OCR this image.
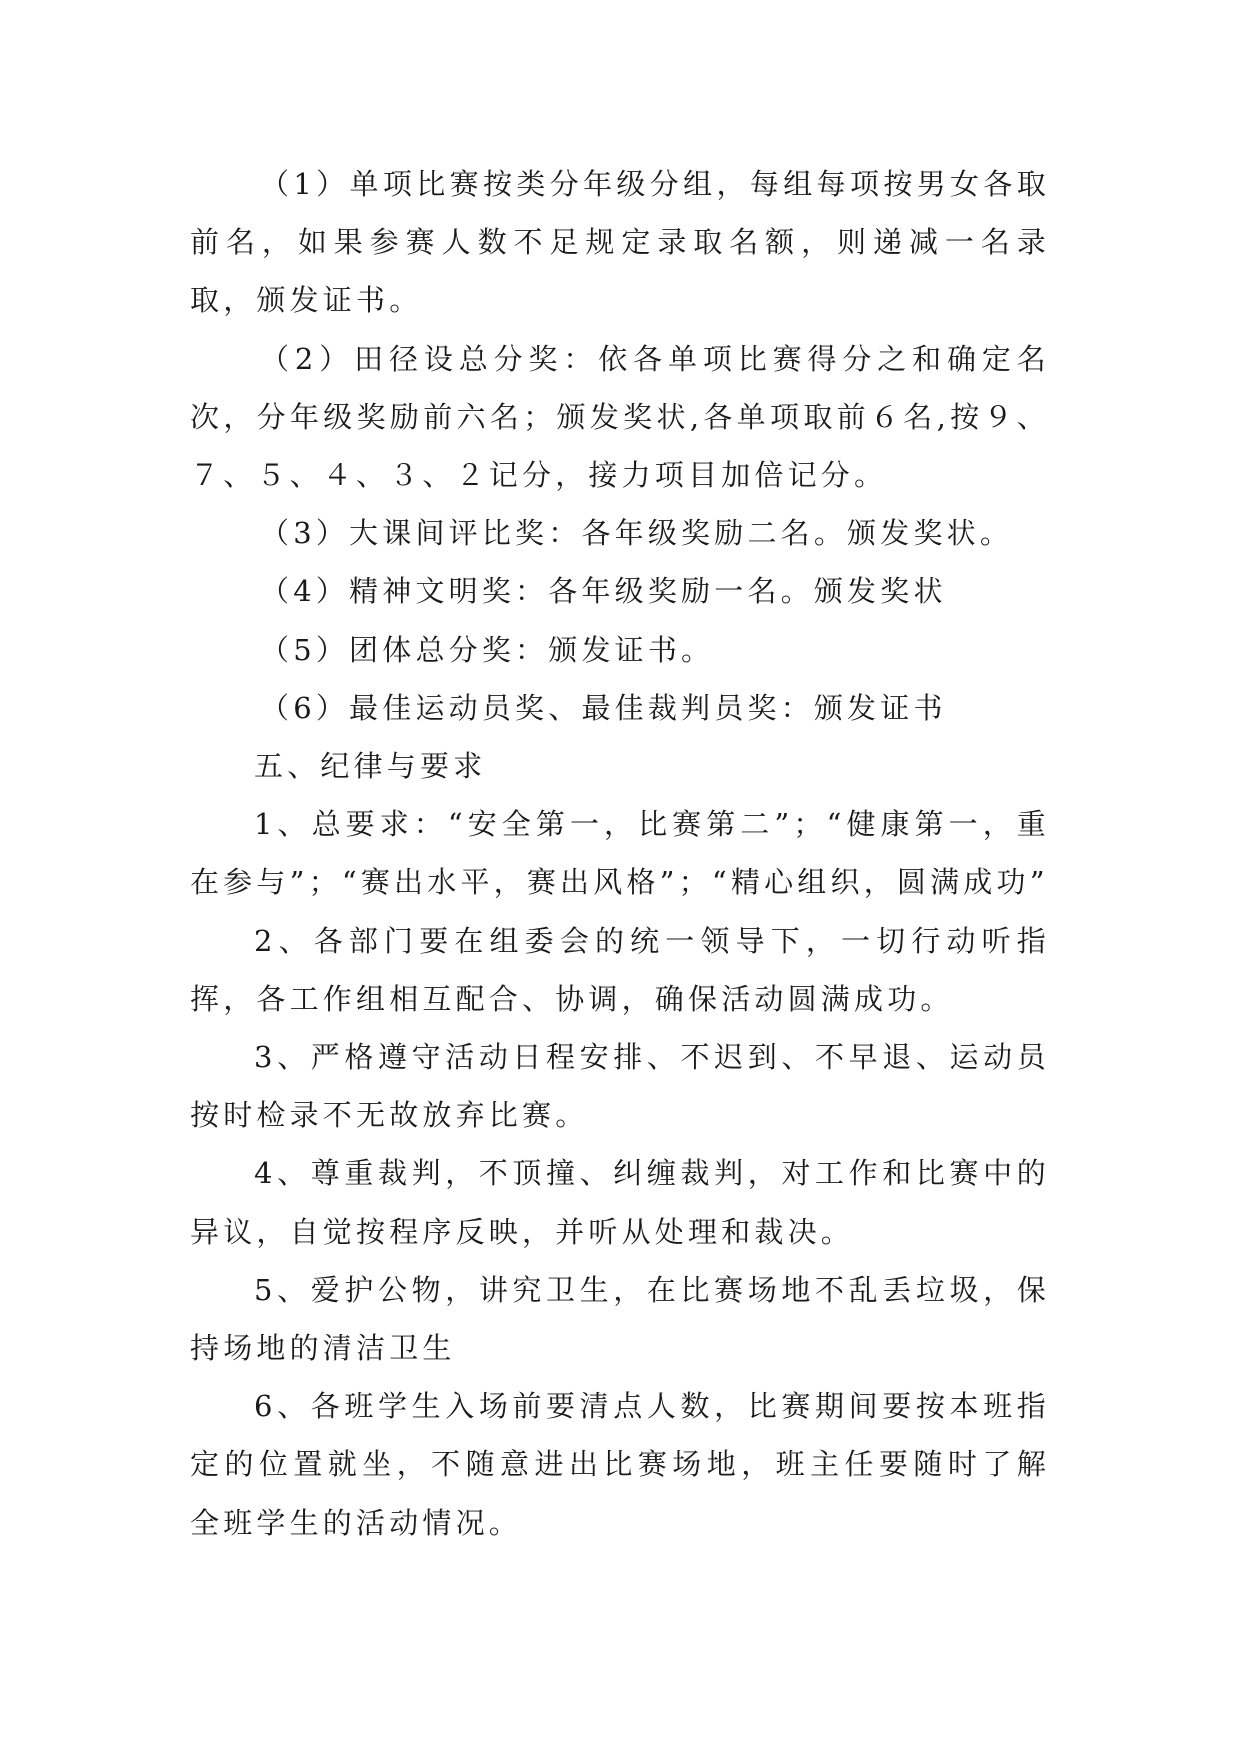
（1）单项比赛按类分年级分组，每组每项按男女各取前名，如果参赛人数不足规定录取名额，则递减一名录取，颁发证书。

（2）田径设总分奖：依各单项比赛得分之和确定名次，分年级奖励前六名；颁发奖状,各单项取前６名,按９、７、５、４、３、２记分，接力项目加倍记分。

（3）大课间评比奖：各年级奖励二名。颁发奖状。

（4）精神文明奖：各年级奖励一名。颁发奖状

（5）团体总分奖：颁发证书。

（6）最佳运动员奖、最佳裁判员奖：颁发证书

五、纪律与要求

1、总要求：“安全第一，比赛第二”；“健康第一，重在参与”；“赛出水平，赛出风格”；“精心组织，圆满成功”

2、各部门要在组委会的统一领导下，一切行动听指挥，各工作组相互配合、协调，确保活动圆满成功。

3、严格遵守活动日程安排、不迟到、不早退、运动员按时检录不无故放弃比赛。

4、尊重裁判，不顶撞、纠缠裁判，对工作和比赛中的异议，自觉按程序反映，并听从处理和裁决。

5、爱护公物，讲究卫生，在比赛场地不乱丢垃圾，保持场地的清洁卫生

6、各班学生入场前要清点人数，比赛期间要按本班指定的位置就坐，不随意进出比赛场地，班主任要随时了解全班学生的活动情况。
